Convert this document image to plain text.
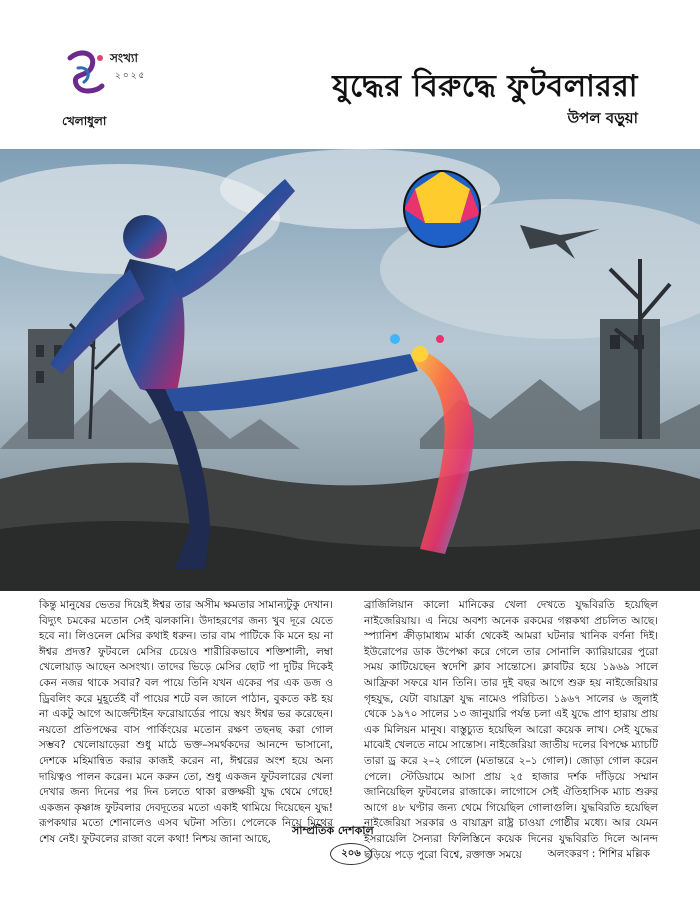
সংখ্যা
২০২৫
খেলাধুলা
যুদ্ধের বিরুদ্ধে ফুটবলাররা
উপল বড়ুয়া

কিন্তু মানুষের ভেতর দিয়েই ঈশ্বর তার অসীম ক্ষমতার সামান্যটুকু দেখান। বিদ্যুৎ চমকের মতোন সেই ঝলকানি। উদাহরণের জন্য খুব দূরে যেতে হবে না। লিওনেল মেসির কথাই ধরুন। তার বাম পাটিকে কি মনে হয় না ঈশ্বর প্রদত্ত? ফুটবলে মেসির চেয়েও শারীরিকভাবে শক্তিশালী, লম্বা খেলোয়াড় আছেন অসংখ্য। তাদের ভিড়ে মেসির ছোট পা দুটির দিকেই কেন নজর থাকে সবার? বল পায়ে তিনি যখন একের পর এক ডজ ও ড্রিবলিং করে মুহূর্তেই বাঁ পায়ের শটে বল জালে পাঠান, বুকতে কষ্ট হয় না একটু আগে আর্জেন্টাইন ফরোয়ার্ডের পায়ে স্বয়ং ঈশ্বর ভর করেছেন। নয়তো প্রতিপক্ষের বাস পার্কিংয়ের মতোন রক্ষণ তছনছ করা গোল সম্ভব? খেলোয়াড়েরা শুধু মাঠে ভক্ত–সমর্থকদের আনন্দে ভাসানো, দেশকে মহিমান্বিত করার কাজই করেন না, ঈশ্বরের অংশ হয়ে অন্য দায়িত্বও পালন করেন। মনে করুন তো, শুধু একজন ফুটবলারের খেলা দেখার জন্য দিনের পর দিন চলতে থাকা রক্তক্ষয়ী যুদ্ধ থেমে গেছে! একজন কৃষ্ণাঙ্গ ফুটবলার দেবদূতের মতো একাই থামিয়ে দিয়েছেন যুদ্ধ! রূপকথার মতো শোনালেও এসব ঘটনা সত্যি। পেলেকে নিয়ে মিথের শেষ নেই। ফুটবলের রাজা বলে কথা! নিশ্চয় জানা আছে,

ব্রাজিলিয়ান কালো মানিকের খেলা দেখতে যুদ্ধবিরতি হয়েছিল নাইজেরিয়ায়। এ নিয়ে অবশ্য অনেক রকমের গল্পকথা প্রচলিত আছে। স্প্যানিশ ক্রীড়ামাধ্যম মার্কা থেকেই আমরা ঘটনার খানিক বর্ণনা দিই। ইউরোপের ডাক উপেক্ষা করে গেলে তার সোনালি ক্যারিয়ারের পুরো সময় কাটিয়েছেন স্বদেশি ক্লাব সান্তোসে। ক্লাবটির হয়ে ১৯৬৯ সালে আফ্রিকা সফরে যান তিনি। তার দুই বছর আগে শুরু হয় নাইজেরিয়ার গৃহযুদ্ধ, যেটা বায়াফ্রা যুদ্ধ নামেও পরিচিত। ১৯৬৭ সালের ৬ জুলাই থেকে ১৯৭০ সালের ১৩ জানুয়ারি পর্যন্ত চলা এই যুদ্ধে প্রাণ হারায় প্রায় এক মিলিয়ন মানুষ। বাস্তুচ্যুত হয়েছিল আরো কয়েক লাখ। সেই যুদ্ধের মাঝেই খেলতে নামে সান্তোস। নাইজেরিয়া জাতীয় দলের বিপক্ষে ম্যাচটি তারা ড্র করে ২–২ গোলে (মতান্তরে ২–১ গোল)। জোড়া গোল করেন পেলে। স্টেডিয়ামে আসা প্রায় ২৫ হাজার দর্শক দাঁড়িয়ে সম্মান জানিয়েছিল ফুটবলের রাজাকে। লাগোসে সেই ঐতিহাসিক ম্যাচ শুরুর আগে ৪৮ ঘণ্টার জন্য থেমে গিয়েছিল গোলাগুলি। যুদ্ধবিরতি হয়েছিল নাইজেরিয়া সরকার ও বায়াফ্রা রাষ্ট্র চাওয়া গোষ্ঠীর মধ্যে। আর যেমন ইসরায়েলি সৈন্যরা ফিলিস্তিনে কয়েক দিনের যুদ্ধবিরতি দিলে আনন্দ ছড়িয়ে পড়ে পুরো বিশ্বে, রক্তাক্ত সময়ে

সাম্প্রতিক দেশকাল
২০৬	অলংকরণ : শিশির মল্লিক
